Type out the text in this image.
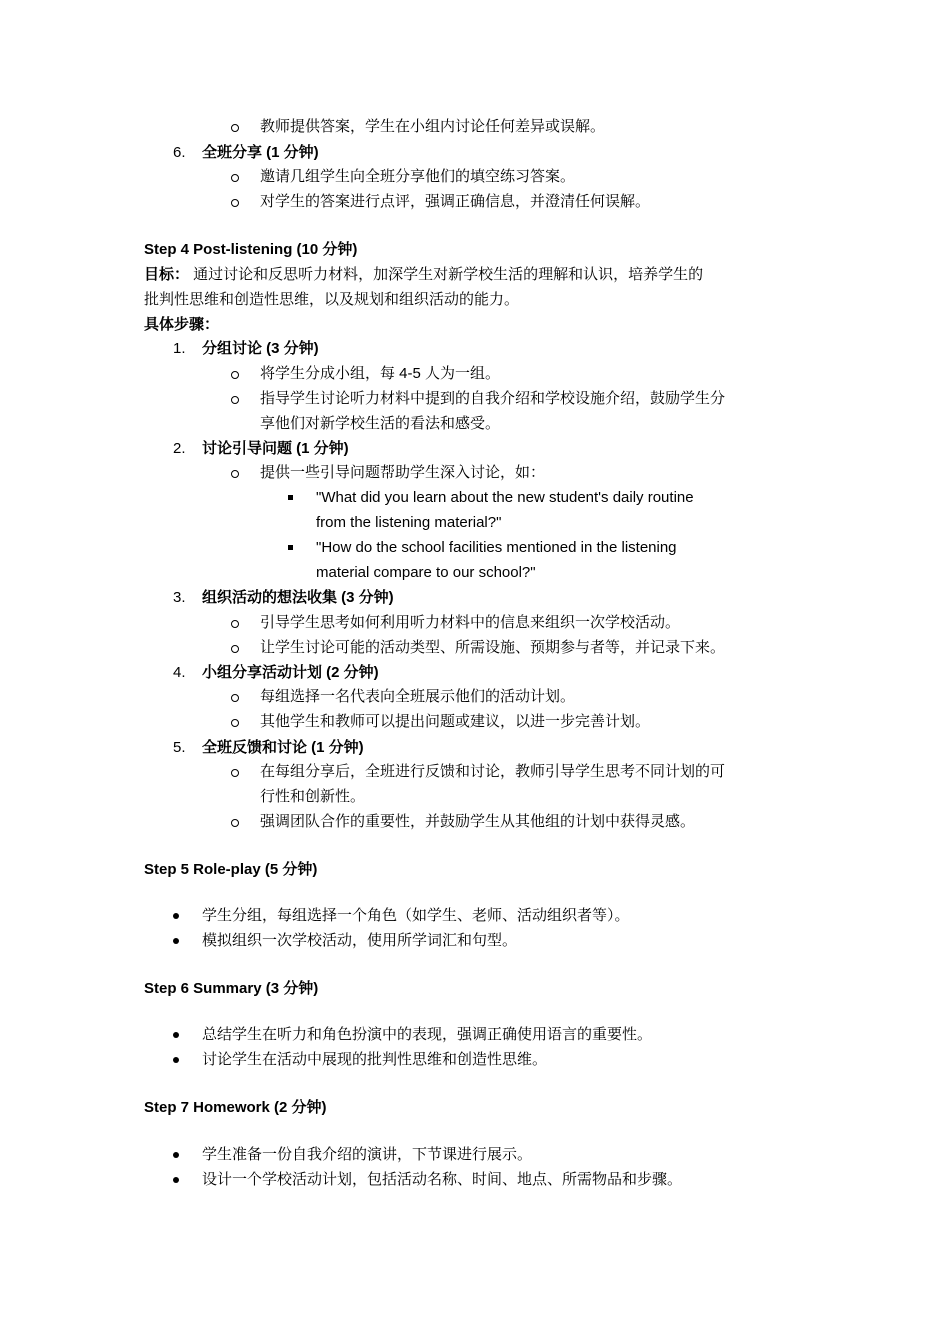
教师提供答案，学生在小组内讨论任何差异或误解。
6. 全班分享 (1 分钟)
邀请几组学生向全班分享他们的填空练习答案。
对学生的答案进行点评，强调正确信息，并澄清任何误解。
Step 4 Post-listening (10 分钟)
目标： 通过讨论和反思听力材料，加深学生对新学校生活的理解和认识，培养学生的
批判性思维和创造性思维，以及规划和组织活动的能力。
具体步骤：
1. 分组讨论 (3 分钟)
将学生分成小组，每 4-5 人为一组。
指导学生讨论听力材料中提到的自我介绍和学校设施介绍，鼓励学生分
享他们对新学校生活的看法和感受。
2. 讨论引导问题 (1 分钟)
提供一些引导问题帮助学生深入讨论，如：
"What did you learn about the new student's daily routine
from the listening material?"
"How do the school facilities mentioned in the listening
material compare to our school?"
3. 组织活动的想法收集 (3 分钟)
引导学生思考如何利用听力材料中的信息来组织一次学校活动。
让学生讨论可能的活动类型、所需设施、预期参与者等，并记录下来。
4. 小组分享活动计划 (2 分钟)
每组选择一名代表向全班展示他们的活动计划。
其他学生和教师可以提出问题或建议，以进一步完善计划。
5. 全班反馈和讨论 (1 分钟)
在每组分享后，全班进行反馈和讨论，教师引导学生思考不同计划的可
行性和创新性。
强调团队合作的重要性，并鼓励学生从其他组的计划中获得灵感。
Step 5 Role-play (5 分钟)
学生分组，每组选择一个角色（如学生、老师、活动组织者等）。
模拟组织一次学校活动，使用所学词汇和句型。
Step 6 Summary (3 分钟)
总结学生在听力和角色扮演中的表现，强调正确使用语言的重要性。
讨论学生在活动中展现的批判性思维和创造性思维。
Step 7 Homework (2 分钟)
学生准备一份自我介绍的演讲，下节课进行展示。
设计一个学校活动计划，包括活动名称、时间、地点、所需物品和步骤。
